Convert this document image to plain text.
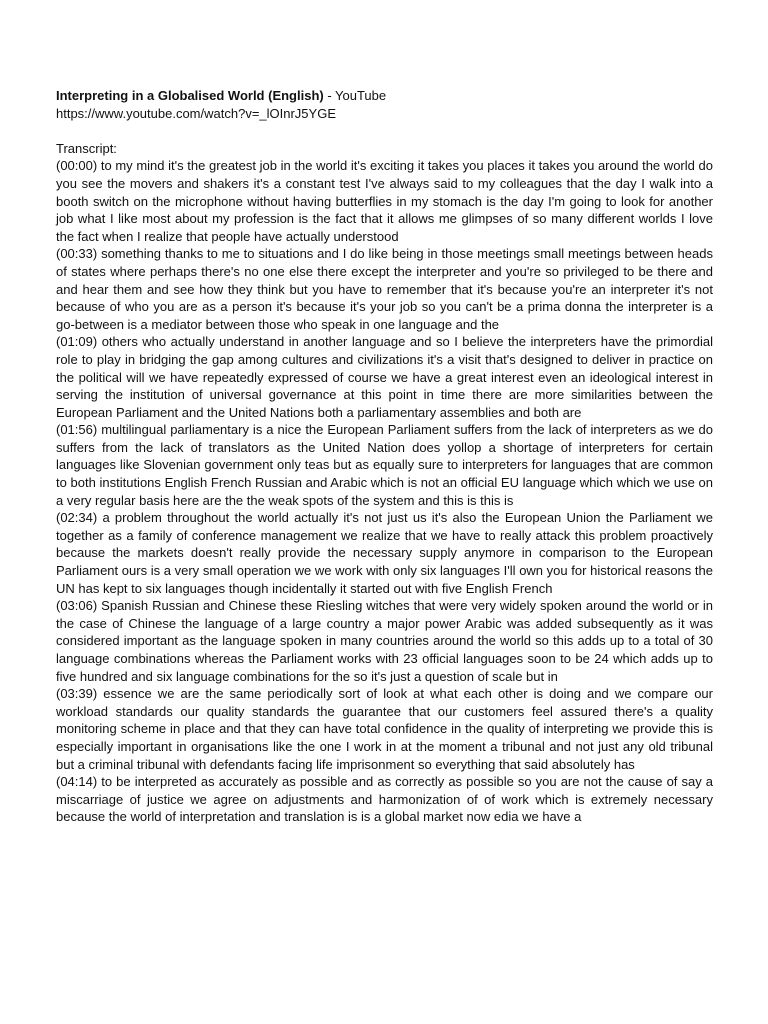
Interpreting in a Globalised World (English) - YouTube

https://www.youtube.com/watch?v=_lOInrJ5YGE

Transcript:

(00:00) to my mind it's the greatest job in the world it's exciting it takes you places it takes you around the world do you see the movers and shakers it's a constant test I've always said to my colleagues that the day I walk into a booth switch on the microphone without having butterflies in my stomach is the day I'm going to look for another job what I like most about my profession is the fact that it allows me glimpses of so many different worlds I love the fact when I realize that people have actually understood

(00:33) something thanks to me to situations and I do like being in those meetings small meetings between heads of states where perhaps there's no one else there except the interpreter and you're so privileged to be there and and hear them and see how they think but you have to remember that it's because you're an interpreter it's not because of who you are as a person it's because it's your job so you can't be a prima donna the interpreter is a go-between is a mediator between those who speak in one language and the

(01:09) others who actually understand in another language and so I believe the interpreters have the primordial role to play in bridging the gap among cultures and civilizations it's a visit that's designed to deliver in practice on the political will we have repeatedly expressed of course we have a great interest even an ideological interest in serving the institution of universal governance at this point in time there are more similarities between the European Parliament and the United Nations both a parliamentary assemblies and both are

(01:56) multilingual parliamentary is a nice the European Parliament suffers from the lack of interpreters as we do suffers from the lack of translators as the United Nation does yollop a shortage of interpreters for certain languages like Slovenian government only teas but as equally sure to interpreters for languages that are common to both institutions English French Russian and Arabic which is not an official EU language which which we use on a very regular basis here are the the weak spots of the system and this is this is

(02:34) a problem throughout the world actually it's not just us it's also the European Union the Parliament we together as a family of conference management we realize that we have to really attack this problem proactively because the markets doesn't really provide the necessary supply anymore in comparison to the European Parliament ours is a very small operation we we work with only six languages I'll own you for historical reasons the UN has kept to six languages though incidentally it started out with five English French

(03:06) Spanish Russian and Chinese these Riesling witches that were very widely spoken around the world or in the case of Chinese the language of a large country a major power Arabic was added subsequently as it was considered important as the language spoken in many countries around the world so this adds up to a total of 30 language combinations whereas the Parliament works with 23 official languages soon to be 24 which adds up to five hundred and six language combinations for the so it's just a question of scale but in

(03:39) essence we are the same periodically sort of look at what each other is doing and we compare our workload standards our quality standards the guarantee that our customers feel assured there's a quality monitoring scheme in place and that they can have total confidence in the quality of interpreting we provide this is especially important in organisations like the one I work in at the moment a tribunal and not just any old tribunal but a criminal tribunal with defendants facing life imprisonment so everything that said absolutely has

(04:14) to be interpreted as accurately as possible and as correctly as possible so you are not the cause of say a miscarriage of justice we agree on adjustments and harmonization of of work which is extremely necessary because the world of interpretation and translation is is a global market now edia we have a
